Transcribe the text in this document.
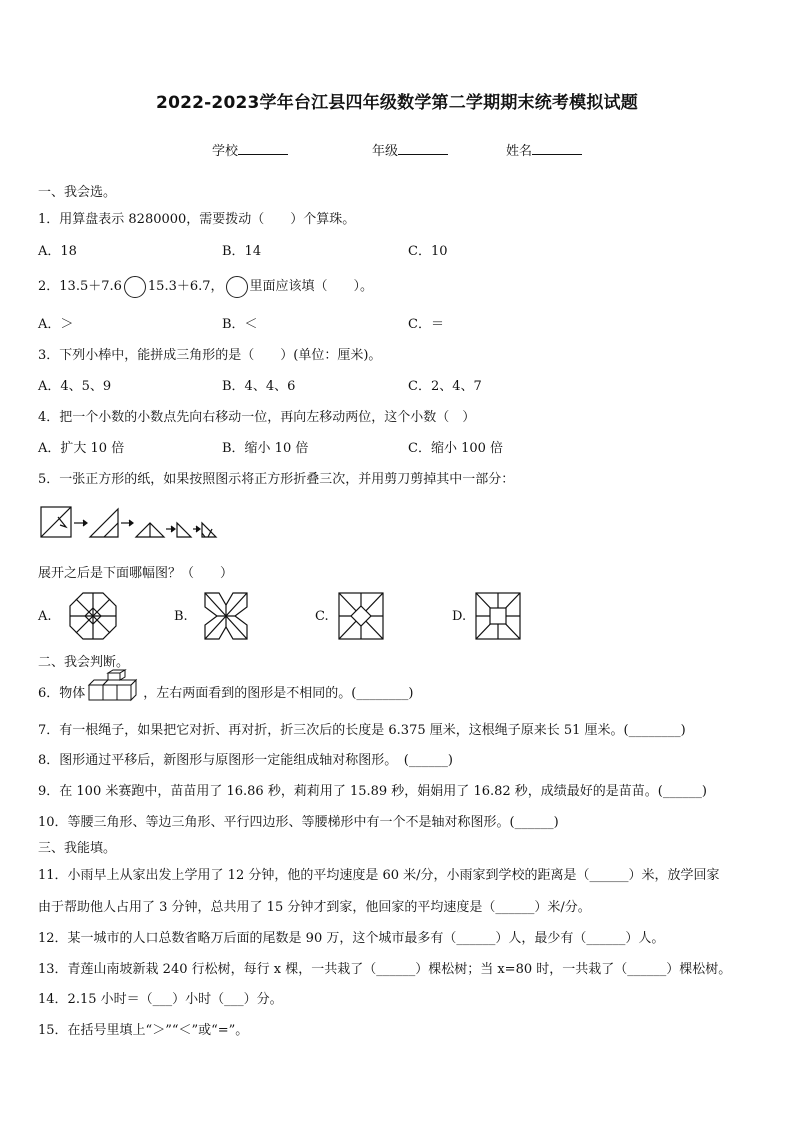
2022-2023学年台江县四年级数学第二学期期末统考模拟试题
学校	年级	姓名
一、我会选。
1．用算盘表示 8280000，需要拨动（　　）个算珠。
A．18	B．14	C．10
2．13.5＋7.6 15.3＋6.7， 里面应该填（　　）。
A．＞	B．＜	C．＝
3．下列小棒中，能拼成三角形的是（　　）(单位：厘米)。
A．4、5、9	B．4、4、6	C．2、4、7
4．把一个小数的小数点先向右移动一位，再向左移动两位，这个小数（　）
A．扩大 10 倍	B．缩小 10 倍	C．缩小 100 倍
5．一张正方形的纸，如果按照图示将正方形折叠三次，并用剪刀剪掉其中一部分：
展开之后是下面哪幅图？（　　）
A.	B.	C.	D.
二、我会判断。
6．物体	，左右两面看到的图形是不相同的。(________)
7．有一根绳子，如果把它对折、再对折，折三次后的长度是 6.375 厘米，这根绳子原来长 51 厘米。(________)
8．图形通过平移后，新图形与原图形一定能组成轴对称图形。　(______)
9．在 100 米赛跑中，苗苗用了 16.86 秒，莉莉用了 15.89 秒，娟娟用了 16.82 秒，成绩最好的是苗苗。(______)
10．等腰三角形、等边三角形、平行四边形、等腰梯形中有一个不是轴对称图形。(______)
三、我能填。
11．小雨早上从家出发上学用了 12 分钟，他的平均速度是 60 米/分，小雨家到学校的距离是（______）米，放学回家
由于帮助他人占用了 3 分钟，总共用了 15 分钟才到家，他回家的平均速度是（______）米/分。
12．某一城市的人口总数省略万后面的尾数是 90 万，这个城市最多有（______）人，最少有（______）人。
13．青莲山南坡新栽 240 行松树，每行 x 棵，一共栽了（______）棵松树；当 x=80 时，一共栽了（______）棵松树。
14．2.15 小时＝（___）小时（___）分。
15．在括号里填上“＞”“＜”或“=”。
